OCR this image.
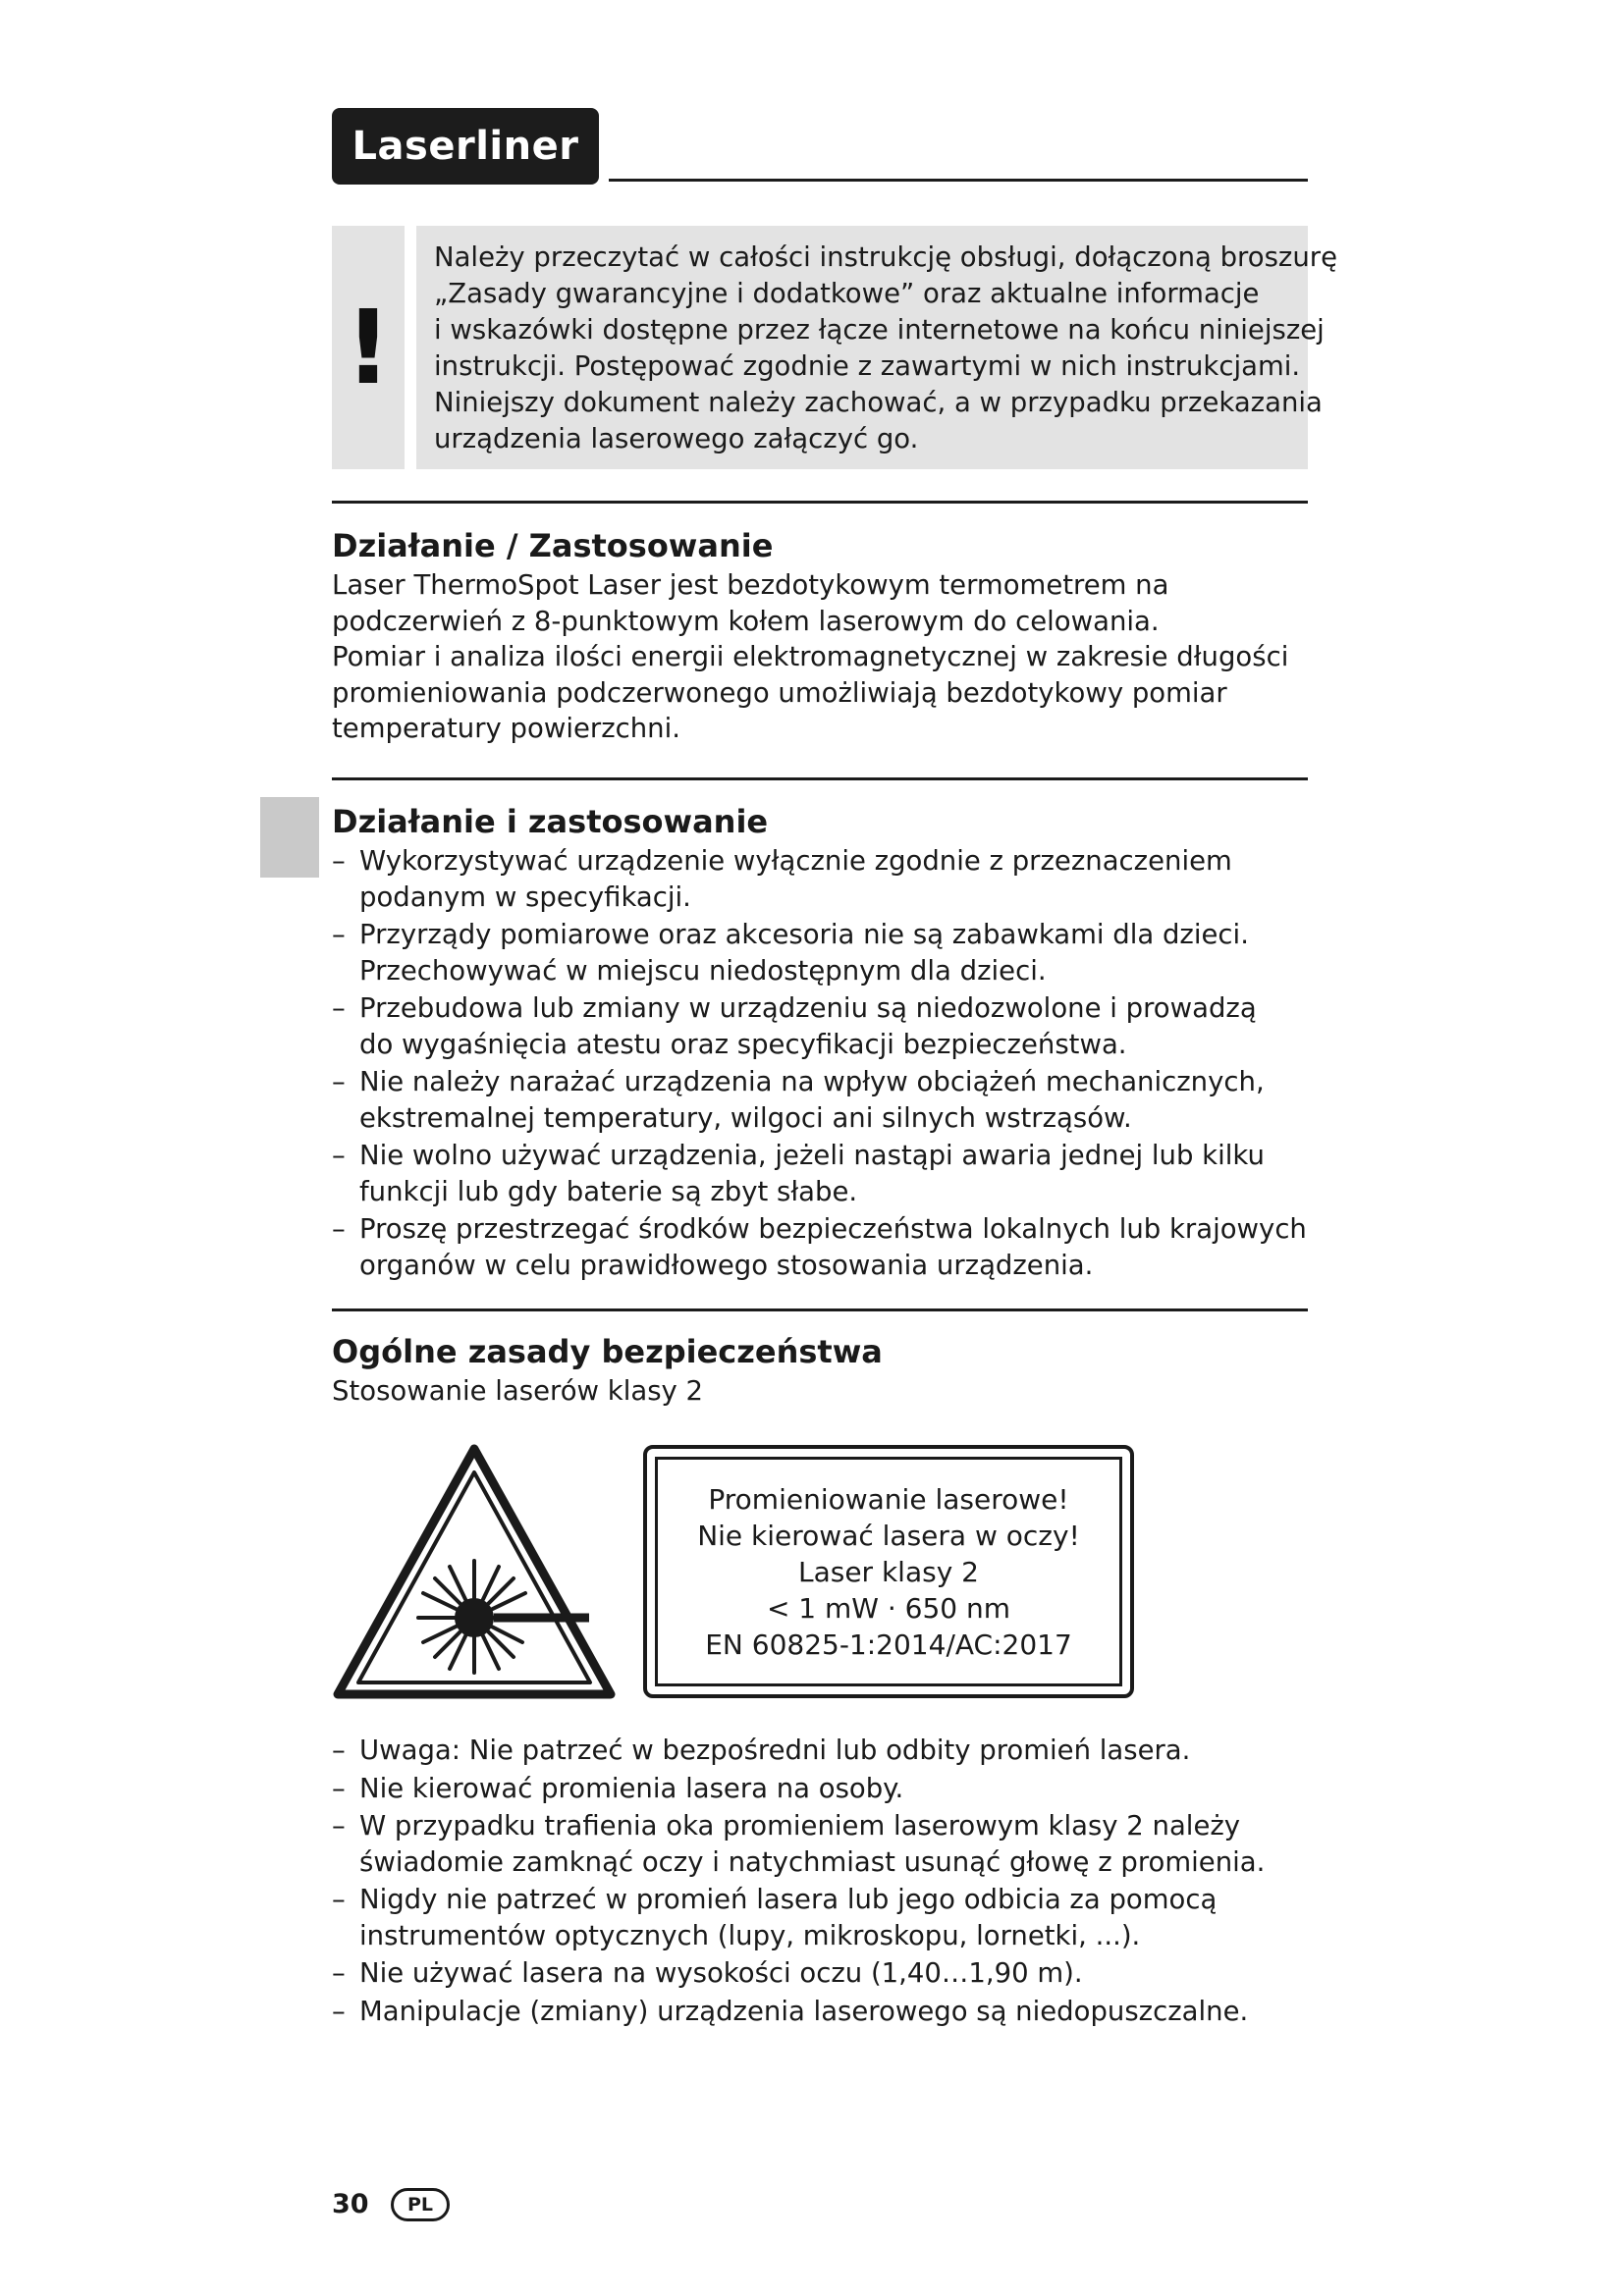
Laserliner
!

Należy przeczytać w całości instrukcję obsługi, dołączoną broszurę

„Zasady gwarancyjne i dodatkowe” oraz aktualne informacje

i wskazówki dostępne przez łącze internetowe na końcu niniejszej

instrukcji. Postępować zgodnie z zawartymi w nich instrukcjami.

Niniejszy dokument należy zachować, a w przypadku przekazania

urządzenia laserowego załączyć go.

Działanie / Zastosowanie

Laser ThermoSpot Laser jest bezdotykowym termometrem na

podczerwień z 8-punktowym kołem laserowym do celowania.

Pomiar i analiza ilości energii elektromagnetycznej w zakresie długości

promieniowania podczerwonego umożliwiają bezdotykowy pomiar

temperatury powierzchni.

Działanie i zastosowanie
– Wykorzystywać urządzenie wyłącznie zgodnie z przeznaczeniem
podanym w specyfikacji.
– Przyrządy pomiarowe oraz akcesoria nie są zabawkami dla dzieci.
Przechowywać w miejscu niedostępnym dla dzieci.
– Przebudowa lub zmiany w urządzeniu są niedozwolone i prowadzą
do wygaśnięcia atestu oraz specyfikacji bezpieczeństwa.
– Nie należy narażać urządzenia na wpływ obciążeń mechanicznych,
ekstremalnej temperatury, wilgoci ani silnych wstrząsów.
– Nie wolno używać urządzenia, jeżeli nastąpi awaria jednej lub kilku
funkcji lub gdy baterie są zbyt słabe.
– Proszę przestrzegać środków bezpieczeństwa lokalnych lub krajowych
organów w celu prawidłowego stosowania urządzenia.
Ogólne zasady bezpieczeństwa

Stosowanie laserów klasy 2

Promieniowanie laserowe!
Nie kierować lasera w oczy!
Laser klasy 2
< 1 mW · 650 nm
EN 60825-1:2014/AC:2017
– Uwaga: Nie patrzeć w bezpośredni lub odbity promień lasera.
– Nie kierować promienia lasera na osoby.
– W przypadku trafienia oka promieniem laserowym klasy 2 należy
świadomie zamknąć oczy i natychmiast usunąć głowę z promienia.
– Nigdy nie patrzeć w promień lasera lub jego odbicia za pomocą
instrumentów optycznych (lupy, mikroskopu, lornetki, ...).
– Nie używać lasera na wysokości oczu (1,40…1,90 m).
– Manipulacje (zmiany) urządzenia laserowego są niedopuszczalne.
30	PL
